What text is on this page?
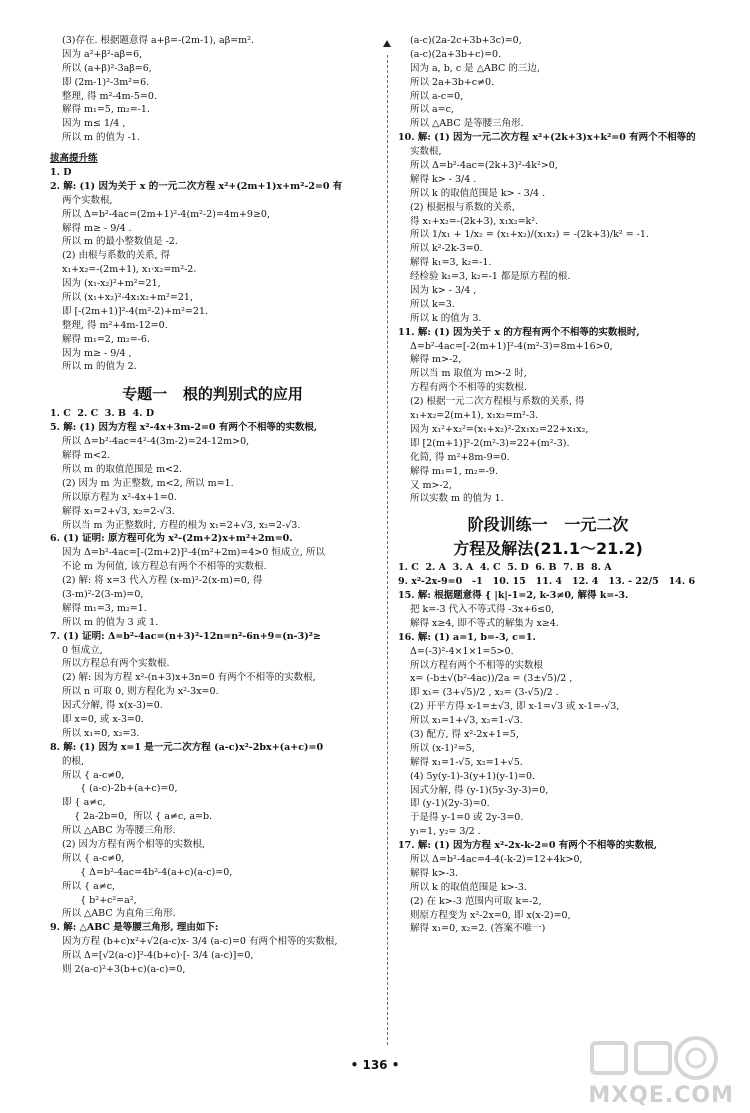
(3)存在. 根据题意得 a+β=-(2m-1), aβ=m².
因为 a²+β²-aβ=6,
所以 (a+β)²-3aβ=6,
即 (2m-1)²-3m²=6.
整理, 得 m²-4m-5=0.
解得 m₁=5, m₂=-1.
因为 m≤ 1/4 ,
所以 m 的值为 -1.
拔高提升练
1. D
2. 解: (1) 因为关于 x 的一元二次方程 x²+(2m+1)x+m²-2=0 有
两个实数根,
所以 Δ=b²-4ac=(2m+1)²-4(m²-2)=4m+9≥0,
解得 m≥ - 9/4 .
所以 m 的最小整数值是 -2.
(2) 由根与系数的关系, 得
x₁+x₂=-(2m+1), x₁·x₂=m²-2.
因为 (x₁-x₂)²+m²=21,
所以 (x₁+x₂)²-4x₁x₂+m²=21,
即 [-(2m+1)]²-4(m²-2)+m²=21.
整理, 得 m²+4m-12=0.
解得 m₁=2, m₂=-6.
因为 m≥ - 9/4 ,
所以 m 的值为 2.
专题一   根的判别式的应用
1. C  2. C  3. B  4. D
5. 解: (1) 因为方程 x²-4x+3m-2=0 有两个不相等的实数根,
所以 Δ=b²-4ac=4²-4(3m-2)=24-12m>0,
解得 m<2.
所以 m 的取值范围是 m<2.
(2) 因为 m 为正整数, m<2, 所以 m=1.
所以原方程为 x²-4x+1=0.
解得 x₁=2+√3, x₂=2-√3.
所以当 m 为正整数时, 方程的根为 x₁=2+√3, x₂=2-√3.
6. (1) 证明: 原方程可化为 x²-(2m+2)x+m²+2m=0.
因为 Δ=b²-4ac=[-(2m+2)]²-4(m²+2m)=4>0 恒成立, 所以
不论 m 为何值, 该方程总有两个不相等的实数根.
(2) 解: 将 x=3 代入方程 (x-m)²-2(x-m)=0, 得
(3-m)²-2(3-m)=0,
解得 m₁=3, m₂=1.
所以 m 的值为 3 或 1.
7. (1) 证明: Δ=b²-4ac=(n+3)²-12n=n²-6n+9=(n-3)²≥
0 恒成立,
所以方程总有两个实数根.
(2) 解: 因为方程 x²-(n+3)x+3n=0 有两个不相等的实数根,
所以 n 可取 0, 则方程化为 x²-3x=0.
因式分解, 得 x(x-3)=0.
即 x=0, 或 x-3=0.
所以 x₁=0, x₂=3.
8. 解: (1) 因为 x=1 是一元二次方程 (a-c)x²-2bx+(a+c)=0
的根,
所以 { a-c≠0,
{ (a-c)-2b+(a+c)=0,
即 { a≠c,
{ 2a-2b=0,  所以 { a≠c, a=b.
所以 △ABC 为等腰三角形.
(2) 因为方程有两个相等的实数根,
所以 { a-c≠0,
{ Δ=b²-4ac=4b²-4(a+c)(a-c)=0,
所以 { a≠c,
{ b²+c²=a²,
所以 △ABC 为直角三角形.
9. 解: △ABC 是等腰三角形, 理由如下:
因为方程 (b+c)x²+√2(a-c)x- 3/4 (a-c)=0 有两个相等的实数根,
所以 Δ=[√2(a-c)]²-4(b+c)·[- 3/4 (a-c)]=0,
则 2(a-c)²+3(b+c)(a-c)=0,
(a-c)(2a-2c+3b+3c)=0,
(a-c)(2a+3b+c)=0.
因为 a, b, c 是 △ABC 的三边,
所以 2a+3b+c≠0.
所以 a-c=0,
所以 a=c,
所以 △ABC 是等腰三角形.
10. 解: (1) 因为一元二次方程 x²+(2k+3)x+k²=0 有两个不相等的
实数根,
所以 Δ=b²-4ac=(2k+3)²-4k²>0,
解得 k> - 3/4 .
所以 k 的取值范围是 k> - 3/4 .
(2) 根据根与系数的关系,
得 x₁+x₂=-(2k+3), x₁x₂=k².
所以 1/x₁ + 1/x₂ = (x₁+x₂)/(x₁x₂) = -(2k+3)/k² = -1.
所以 k²-2k-3=0.
解得 k₁=3, k₂=-1.
经检验 k₁=3, k₂=-1 都是原方程的根.
因为 k> - 3/4 ,
所以 k=3.
所以 k 的值为 3.
11. 解: (1) 因为关于 x 的方程有两个不相等的实数根时,
Δ=b²-4ac=[-2(m+1)]²-4(m²-3)=8m+16>0,
解得 m>-2,
所以当 m 取值为 m>-2 时,
方程有两个不相等的实数根.
(2) 根据一元二次方程根与系数的关系, 得
x₁+x₂=2(m+1), x₁x₂=m²-3.
因为 x₁²+x₂²=(x₁+x₂)²-2x₁x₂=22+x₁x₂,
即 [2(m+1)]²-2(m²-3)=22+(m²-3).
化简, 得 m²+8m-9=0.
解得 m₁=1, m₂=-9.
又 m>-2,
所以实数 m 的值为 1.
阶段训练一   一元二次
方程及解法(21.1～21.2)
1. C  2. A  3. A  4. C  5. D  6. B  7. B  8. A
9. x²-2x-9=0   -1   10. 15   11. 4   12. 4   13. - 22/5   14. 6
15. 解: 根据题意得 { |k|-1=2, k-3≠0, 解得 k=-3.
把 k=-3 代入不等式得 -3x+6≤0,
解得 x≥4, 即不等式的解集为 x≥4.
16. 解: (1) a=1, b=-3, c=1.
Δ=(-3)²-4×1×1=5>0.
所以方程有两个不相等的实数根
x= (-b±√(b²-4ac))/2a = (3±√5)/2 ,
即 x₁= (3+√5)/2 , x₂= (3-√5)/2 .
(2) 开平方得 x-1=±√3, 即 x-1=√3 或 x-1=-√3,
所以 x₁=1+√3, x₂=1-√3.
(3) 配方, 得 x²-2x+1=5,
所以 (x-1)²=5,
解得 x₁=1-√5, x₂=1+√5.
(4) 5y(y-1)-3(y+1)(y-1)=0.
因式分解, 得 (y-1)(5y-3y-3)=0,
即 (y-1)(2y-3)=0.
于是得 y-1=0 或 2y-3=0.
y₁=1, y₂= 3/2 .
17. 解: (1) 因为方程 x²-2x-k-2=0 有两个不相等的实数根,
所以 Δ=b²-4ac=4-4(-k-2)=12+4k>0,
解得 k>-3.
所以 k 的取值范围是 k>-3.
(2) 在 k>-3 范围内可取 k=-2,
则原方程变为 x²-2x=0, 即 x(x-2)=0,
解得 x₁=0, x₂=2. (答案不唯一)
• 136 •
MXQE.COM
